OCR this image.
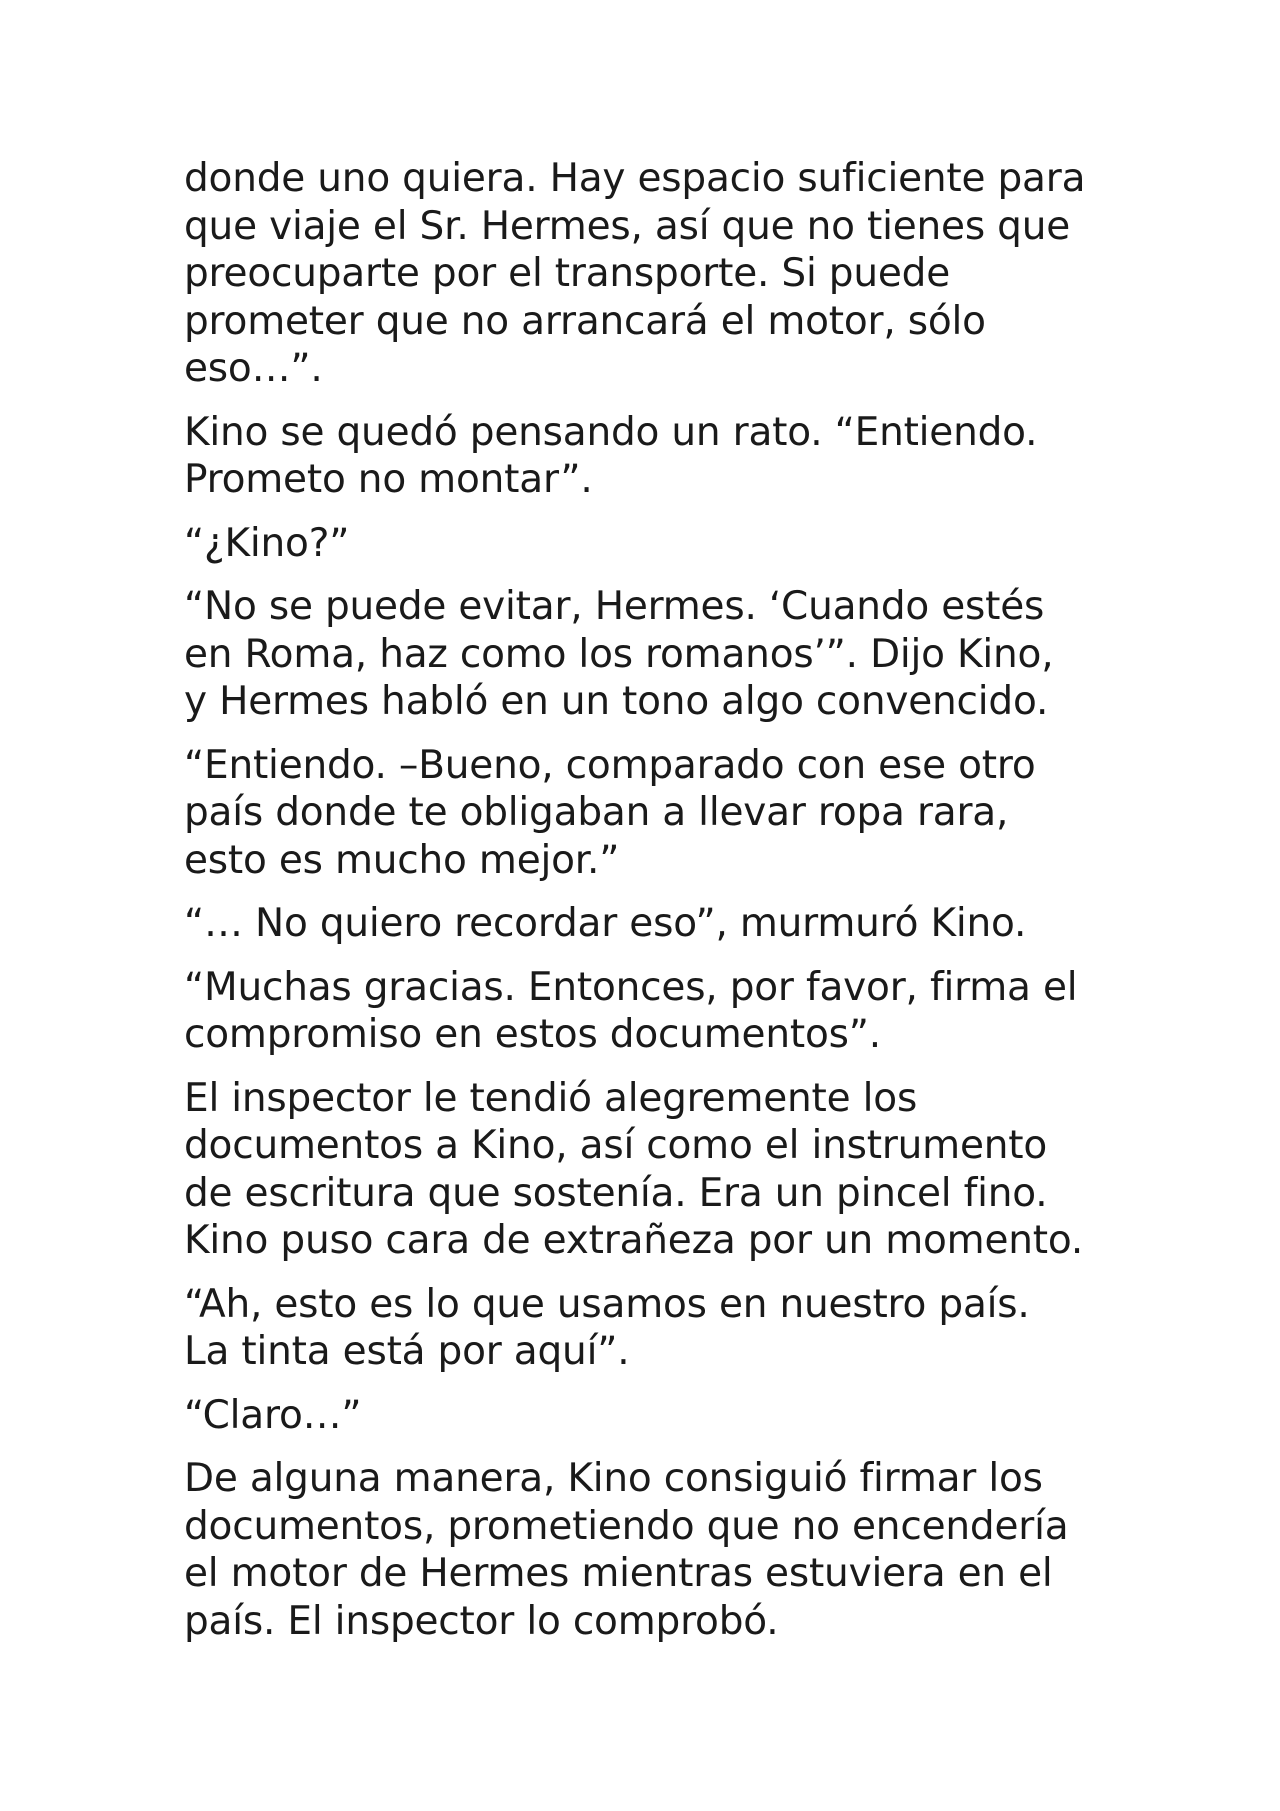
donde uno quiera. Hay espacio suficiente para
que viaje el Sr. Hermes, así que no tienes que
preocuparte por el transporte. Si puede
prometer que no arrancará el motor, sólo
eso…”.

Kino se quedó pensando un rato. “Entiendo.
Prometo no montar”.

“¿Kino?”

“No se puede evitar, Hermes. ‘Cuando estés
en Roma, haz como los romanos’”. Dijo Kino,
y Hermes habló en un tono algo convencido.

“Entiendo. –Bueno, comparado con ese otro
país donde te obligaban a llevar ropa rara,
esto es mucho mejor.”

“… No quiero recordar eso”, murmuró Kino.

“Muchas gracias. Entonces, por favor, firma el
compromiso en estos documentos”.

El inspector le tendió alegremente los
documentos a Kino, así como el instrumento
de escritura que sostenía. Era un pincel fino.
Kino puso cara de extrañeza por un momento.

“Ah, esto es lo que usamos en nuestro país.
La tinta está por aquí”.

“Claro…”

De alguna manera, Kino consiguió firmar los
documentos, prometiendo que no encendería
el motor de Hermes mientras estuviera en el
país. El inspector lo comprobó.
